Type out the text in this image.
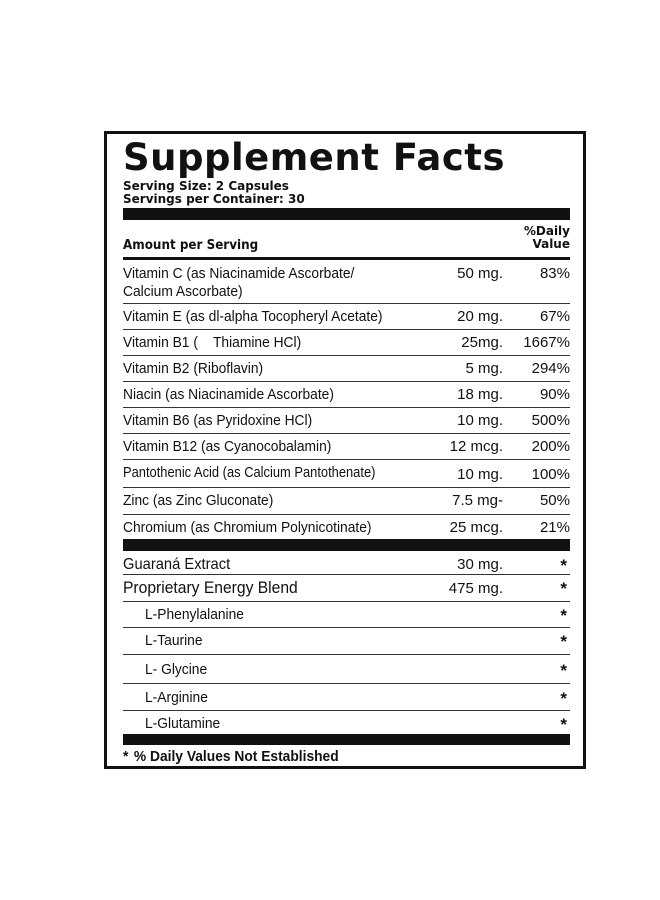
Supplement Facts
Serving Size: 2 Capsules
Servings per Container: 30
Amount per Serving
%Daily
Value
Vitamin C (as Niacinamide Ascorbate/
Calcium Ascorbate)
50 mg. 83%
Vitamin E (as dl-alpha Tocopheryl Acetate)	20 mg. 67%
Vitamin B1 (    Thiamine HCl)	25mg. 1667%
Vitamin B2 (Riboflavin)	5 mg. 294%
Niacin (as Niacinamide Ascorbate)	18 mg. 90%
Vitamin B6 (as Pyridoxine HCl)	10 mg. 500%
Vitamin B12 (as Cyanocobalamin)	12 mcg. 200%
Pantothenic Acid (as Calcium Pantothenate)	10 mg. 100%
Zinc (as Zinc Gluconate)	7.5 mg- 50%
Chromium (as Chromium Polynicotinate)	25 mcg. 21%
Guaraná Extract	30 mg.	*
Proprietary Energy Blend	475 mg.	*
L-Phenylalanine	*
L-Taurine	*
L- Glycine	*
L-Arginine	*
L-Glutamine	*
* % Daily Values Not Established
